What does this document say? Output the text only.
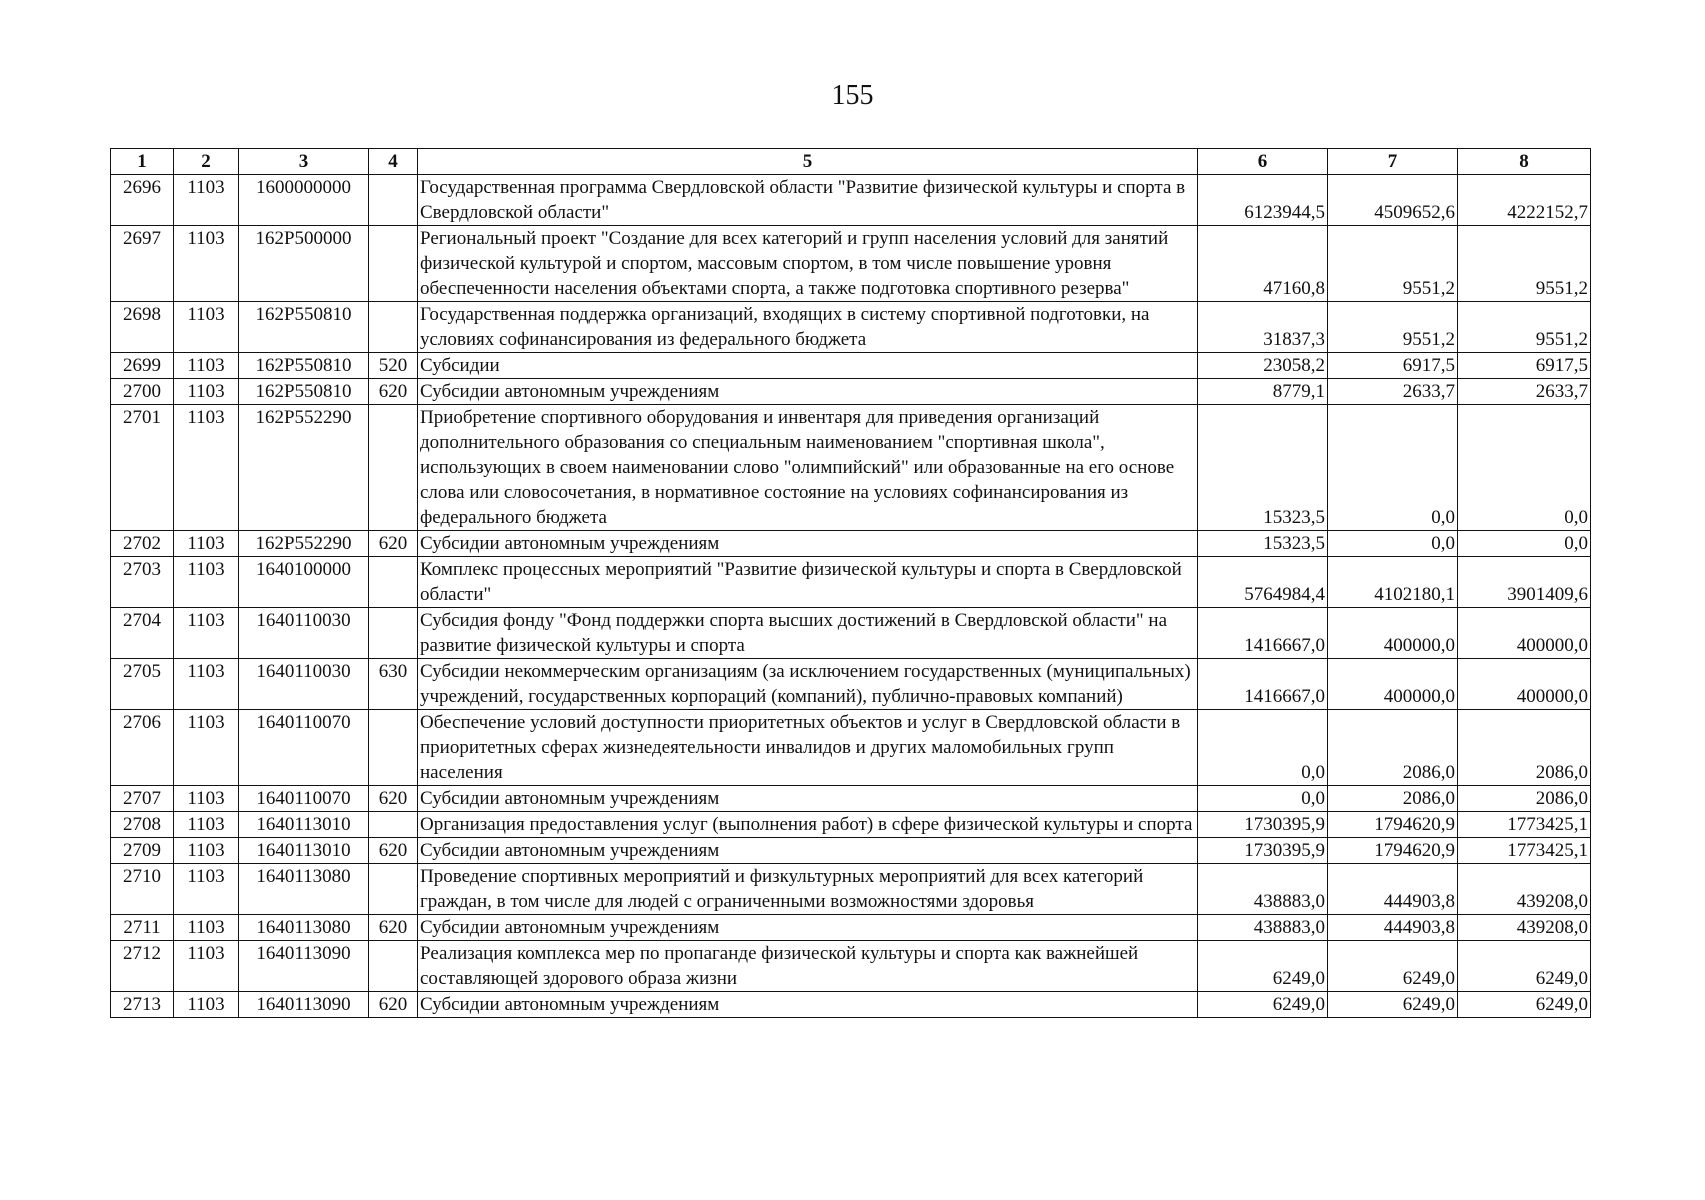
155
1	2	3	4	5	6	7	8
2696	1103	1600000000		Государственная программа Свердловской области "Развитие физической культуры и спорта в Свердловской области"	6123944,5	4509652,6	4222152,7
2697	1103	162P500000		Региональный проект "Создание для всех категорий и групп населения условий для занятий физической культурой и спортом, массовым спортом, в том числе повышение уровня обеспеченности населения объектами спорта, а также подготовка спортивного резерва"	47160,8	9551,2	9551,2
2698	1103	162P550810		Государственная поддержка организаций, входящих в систему спортивной подготовки, на условиях софинансирования из федерального бюджета	31837,3	9551,2	9551,2
2699	1103	162P550810	520	Субсидии	23058,2	6917,5	6917,5
2700	1103	162P550810	620	Субсидии автономным учреждениям	8779,1	2633,7	2633,7
2701	1103	162P552290		Приобретение спортивного оборудования и инвентаря для приведения организаций дополнительного образования со специальным наименованием "спортивная школа", использующих в своем наименовании слово "олимпийский" или образованные на его основе слова или словосочетания, в нормативное состояние на условиях софинансирования из федерального бюджета	15323,5	0,0	0,0
2702	1103	162P552290	620	Субсидии автономным учреждениям	15323,5	0,0	0,0
2703	1103	1640100000		Комплекс процессных мероприятий "Развитие физической культуры и спорта в Свердловской области"	5764984,4	4102180,1	3901409,6
2704	1103	1640110030		Субсидия фонду "Фонд поддержки спорта высших достижений в Свердловской области" на развитие физической культуры и спорта	1416667,0	400000,0	400000,0
2705	1103	1640110030	630	Субсидии некоммерческим организациям (за исключением государственных (муниципальных) учреждений, государственных корпораций (компаний), публично-правовых компаний)	1416667,0	400000,0	400000,0
2706	1103	1640110070		Обеспечение условий доступности приоритетных объектов и услуг в Свердловской области в приоритетных сферах жизнедеятельности инвалидов и других маломобильных групп населения	0,0	2086,0	2086,0
2707	1103	1640110070	620	Субсидии автономным учреждениям	0,0	2086,0	2086,0
2708	1103	1640113010		Организация предоставления услуг (выполнения работ) в сфере физической культуры и спорта	1730395,9	1794620,9	1773425,1
2709	1103	1640113010	620	Субсидии автономным учреждениям	1730395,9	1794620,9	1773425,1
2710	1103	1640113080		Проведение спортивных мероприятий и физкультурных мероприятий для всех категорий граждан, в том числе для людей с ограниченными возможностями здоровья	438883,0	444903,8	439208,0
2711	1103	1640113080	620	Субсидии автономным учреждениям	438883,0	444903,8	439208,0
2712	1103	1640113090		Реализация комплекса мер по пропаганде физической культуры и спорта как важнейшей составляющей здорового образа жизни	6249,0	6249,0	6249,0
2713	1103	1640113090	620	Субсидии автономным учреждениям	6249,0	6249,0	6249,0
